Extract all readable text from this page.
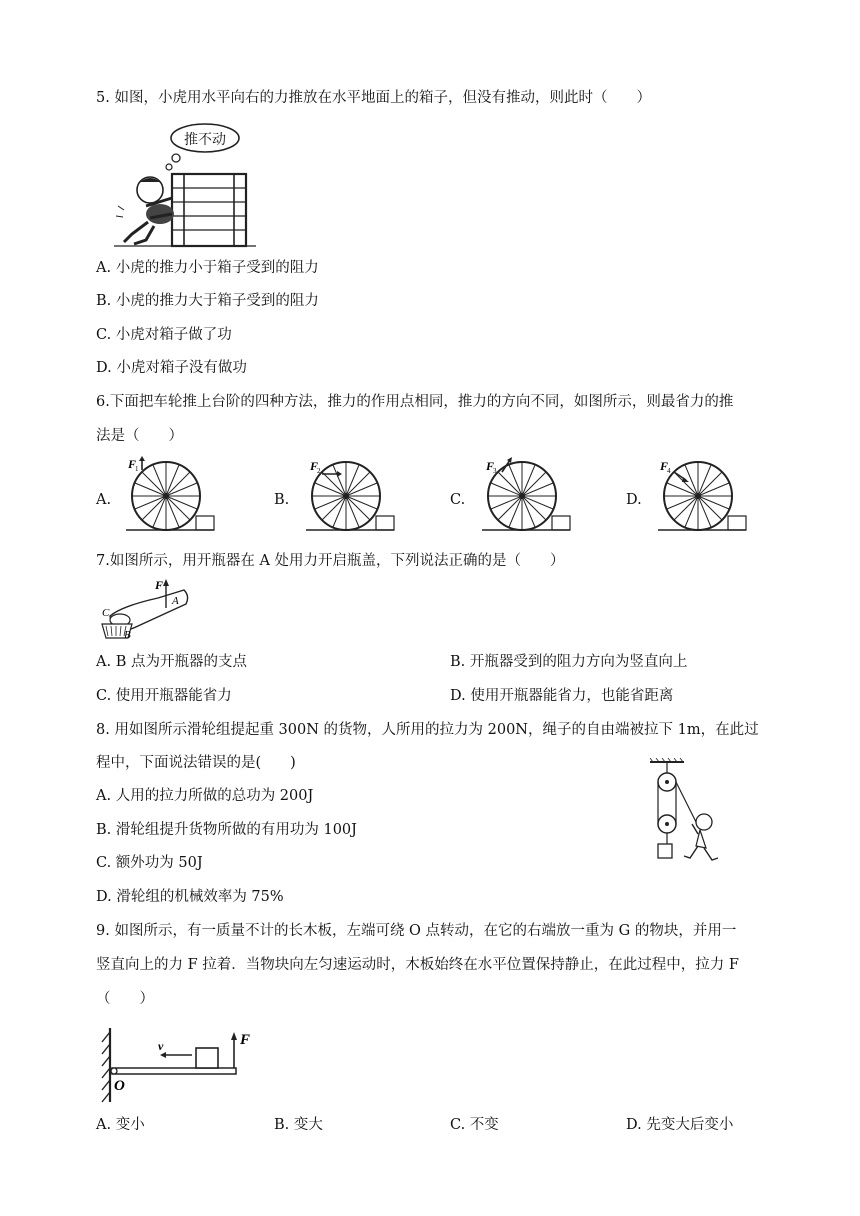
5. 如图，小虎用水平向右的力推放在水平地面上的箱子，但没有推动，则此时（　　）
推不动
A. 小虎的推力小于箱子受到的阻力
B. 小虎的推力大于箱子受到的阻力
C. 小虎对箱子做了功
D. 小虎对箱子没有做功
6.下面把车轮推上台阶的四种方法，推力的作用点相同，推力的方向不同，如图所示，则最省力的推
法是（　　）
A.	B.	C.	D.
F
1	F
2	F
3	F
4
7.如图所示，用开瓶器在 A 处用力开启瓶盖，下列说法正确的是（　　）
F
A
B
C
A. B 点为开瓶器的支点	B. 开瓶器受到的阻力方向为竖直向上
C. 使用开瓶器能省力	D. 使用开瓶器能省力，也能省距离
8. 用如图所示滑轮组提起重 300N 的货物，人所用的拉力为 200N，绳子的自由端被拉下 1m，在此过
程中，下面说法错误的是(　　)
A. 人用的拉力所做的总功为 200J
B. 滑轮组提升货物所做的有用功为 100J
C. 额外功为 50J
D. 滑轮组的机械效率为 75%
9. 如图所示，有一质量不计的长木板，左端可绕 O 点转动，在它的右端放一重为 G 的物块，并用一
竖直向上的力 F 拉着．当物块向左匀速运动时，木板始终在水平位置保持静止，在此过程中，拉力 F
（　　）
v	F
O
A. 变小	B. 变大	C. 不变	D. 先变大后变小
